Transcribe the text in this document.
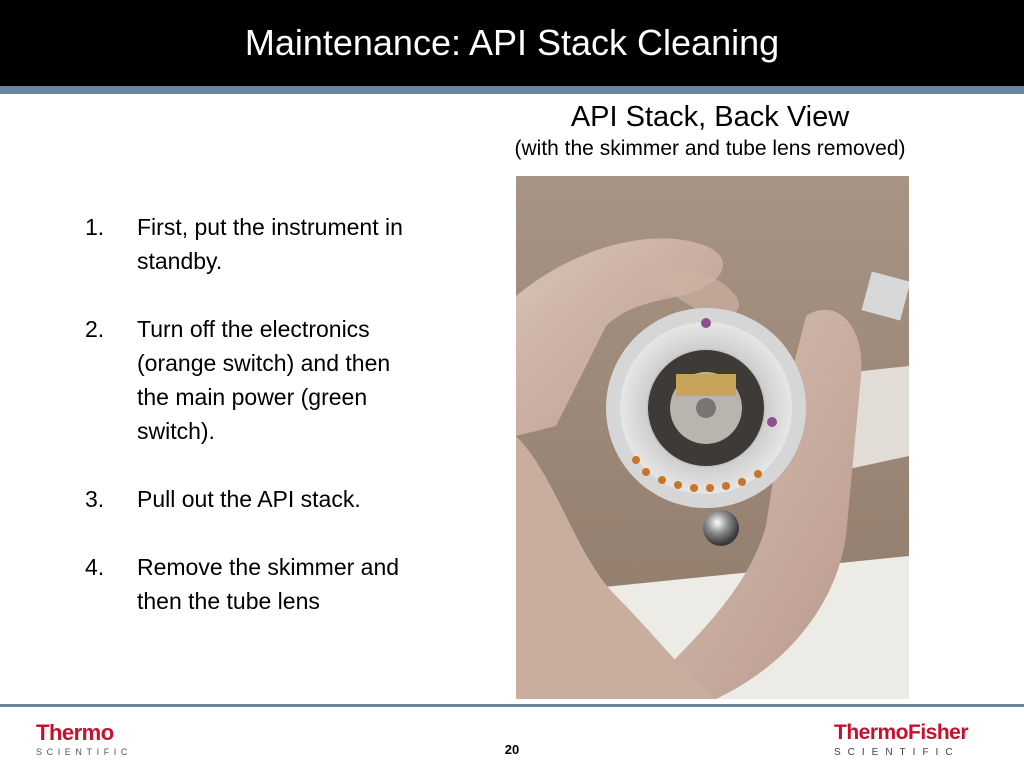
Maintenance: API Stack Cleaning
API Stack, Back View
(with the skimmer and tube lens removed)
1.	First, put the instrument in standby.
2.	Turn off the electronics (orange switch) and then the main power (green switch).
3.	Pull out the API stack.
4.	Remove the skimmer and then the tube lens
Thermo
SCIENTIFIC	20
ThermoFisher
SCIENTIFIC
